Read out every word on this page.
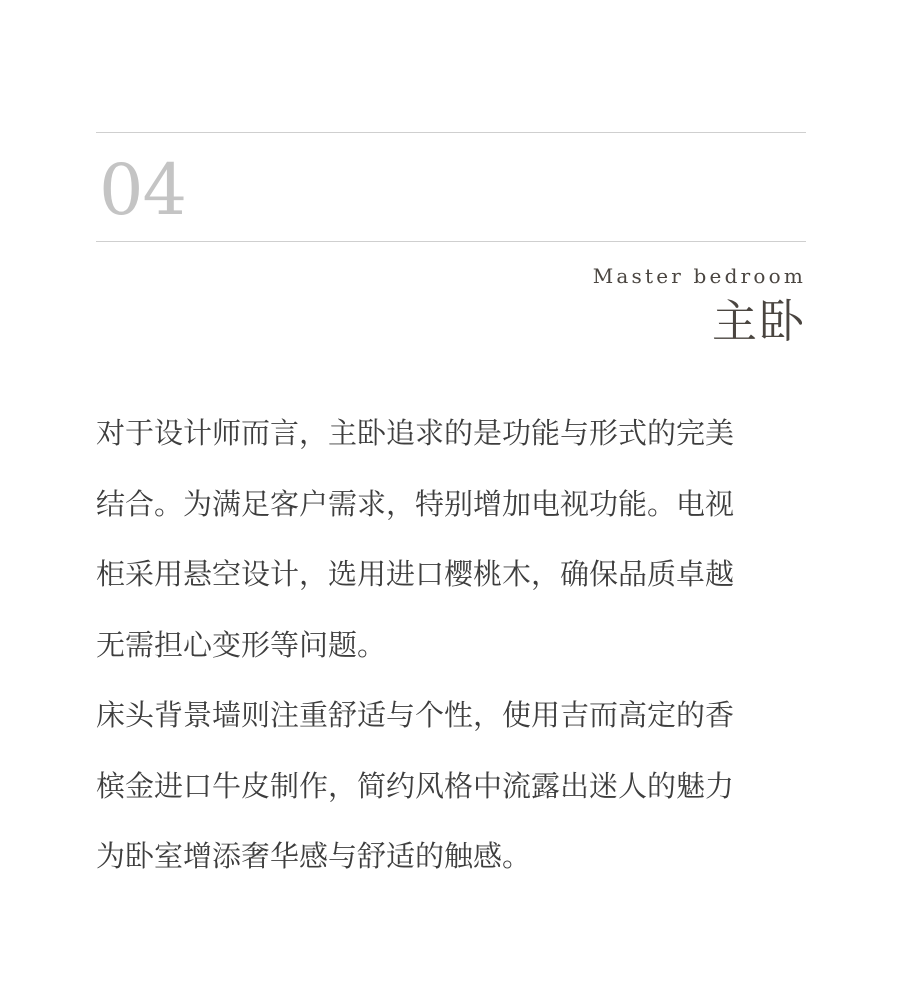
04
Master bedroom
主卧
对于设计师而言，主卧追求的是功能与形式的完美
结合。为满足客户需求，特别增加电视功能。电视
柜采用悬空设计，选用进口樱桃木，确保品质卓越
无需担心变形等问题。
床头背景墙则注重舒适与个性，使用吉而高定的香
槟金进口牛皮制作，简约风格中流露出迷人的魅力
为卧室增添奢华感与舒适的触感。
